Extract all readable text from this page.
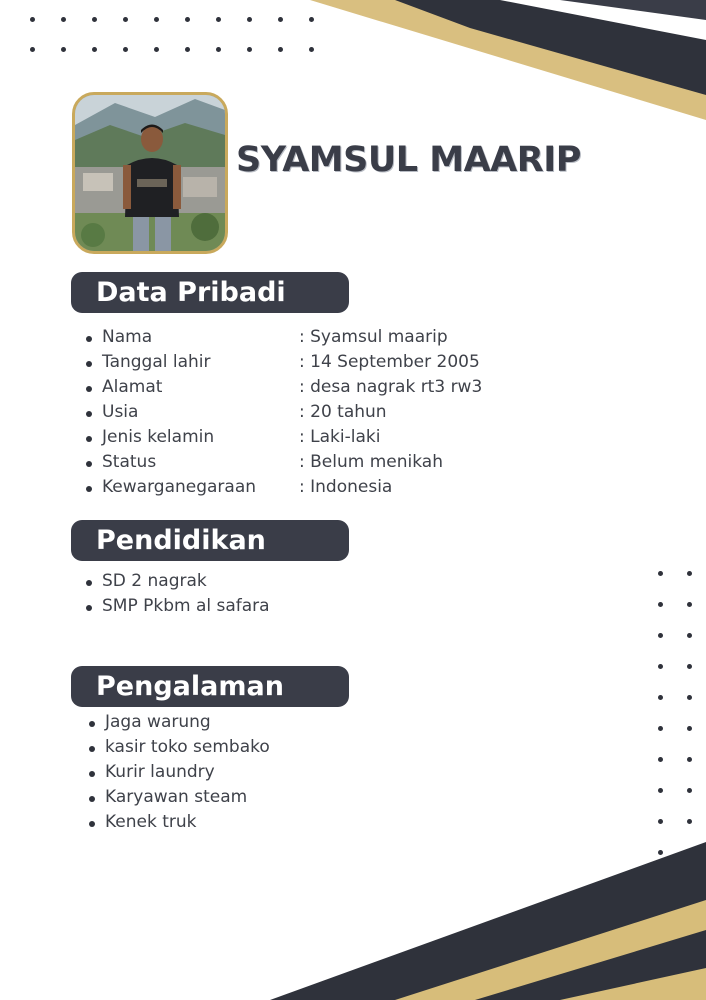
SYAMSUL MAARIP
Data Pribadi
Nama	: Syamsul maarip
Tanggal lahir	: 14 September 2005
Alamat	: desa nagrak rt3 rw3
Usia	: 20 tahun
Jenis kelamin	: Laki-laki
Status	: Belum menikah
Kewarganegaraan	: Indonesia
Pendidikan
SD 2 nagrak
SMP Pkbm al safara
Pengalaman
Jaga warung
kasir toko sembako
Kurir laundry
Karyawan steam
Kenek truk
